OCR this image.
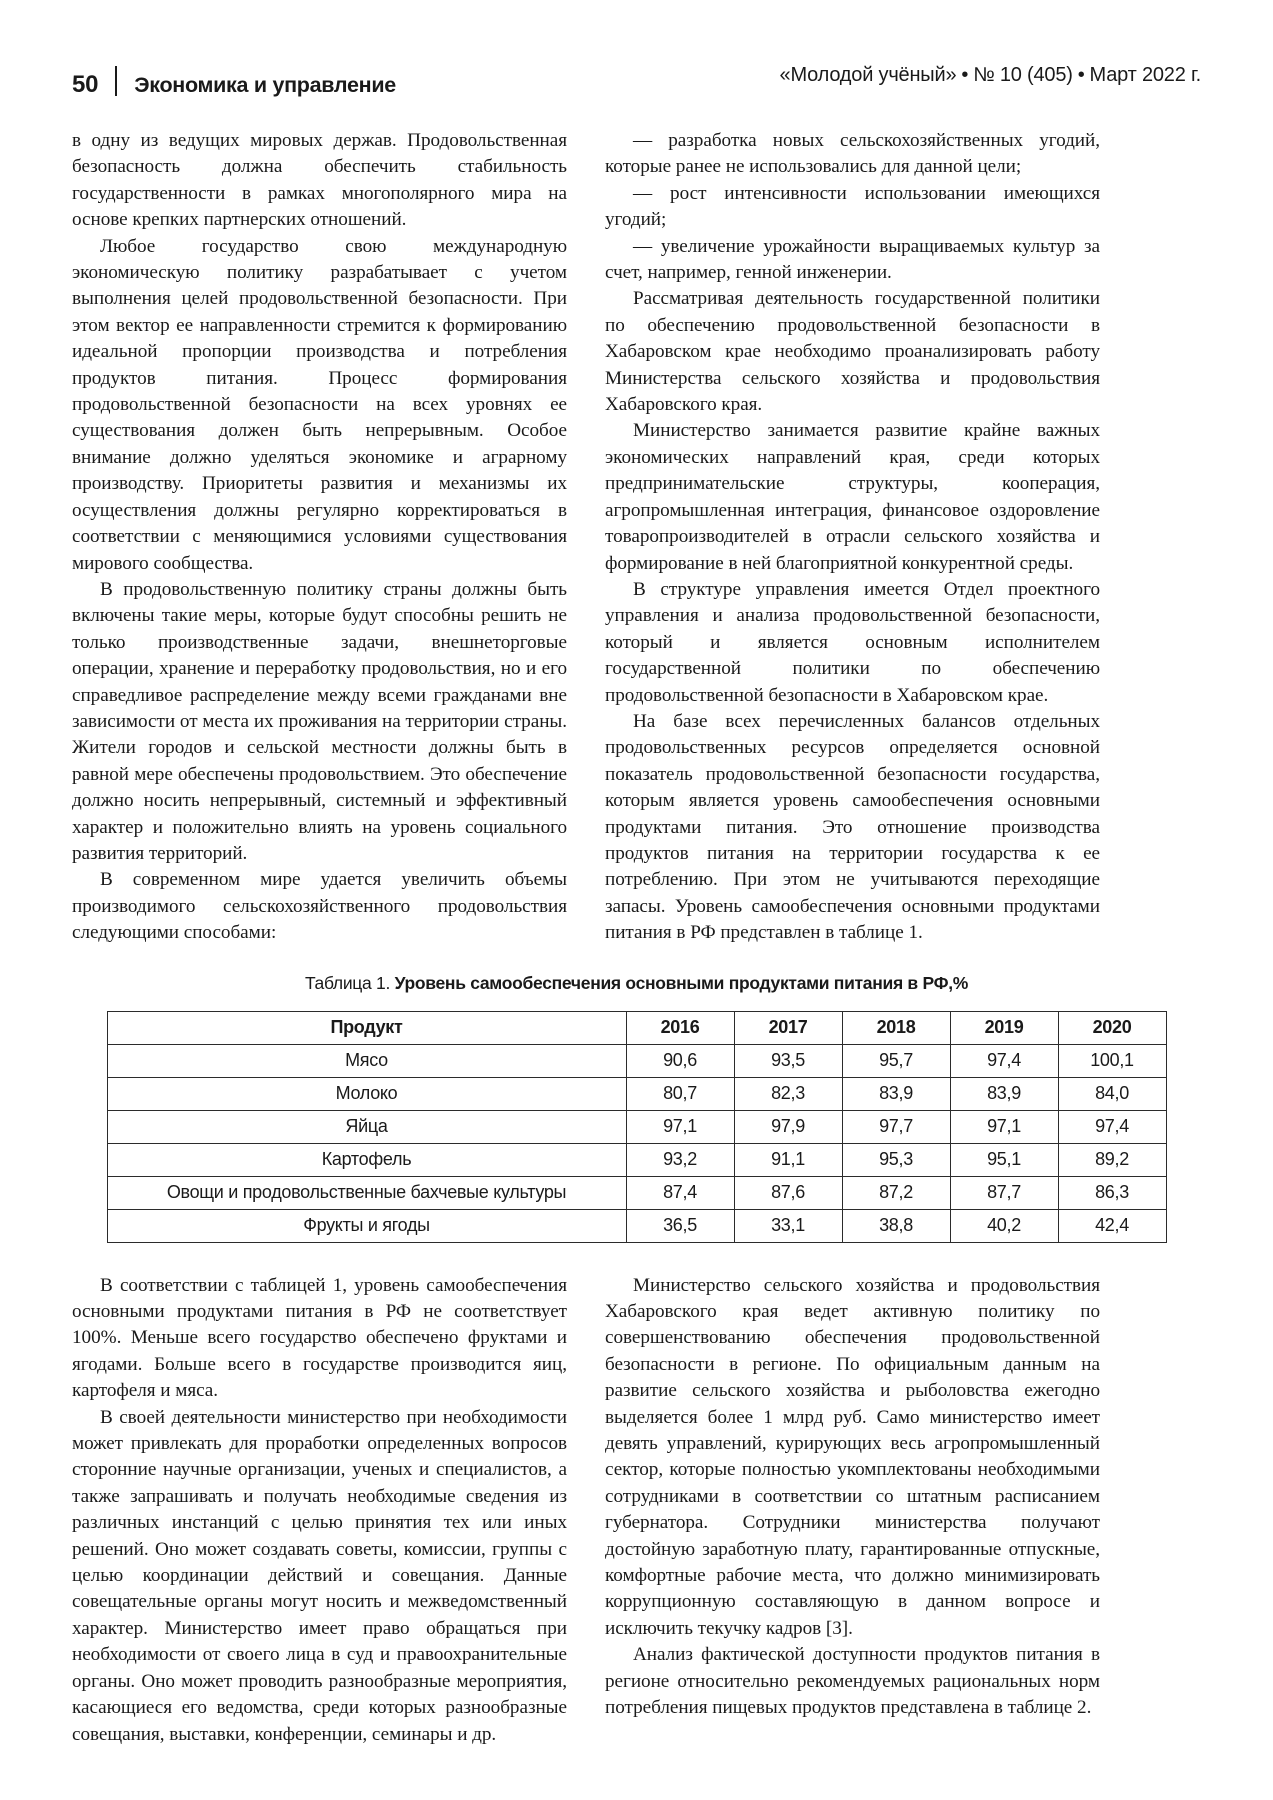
50 Экономика и управление	«Молодой учёный» • № 10 (405) • Март 2022 г.

в одну из ведущих мировых держав. Продовольственная безопасность должна обеспечить стабильность государственности в рамках многополярного мира на основе крепких партнерских отношений.

Любое государство свою международную экономическую политику разрабатывает с учетом выполнения целей продовольственной безопасности. При этом вектор ее направленности стремится к формированию идеальной пропорции производства и потребления продуктов питания. Процесс формирования продовольственной безопасности на всех уровнях ее существования должен быть непрерывным. Особое внимание должно уделяться экономике и аграрному производству. Приоритеты развития и механизмы их осуществления должны регулярно корректироваться в соответствии с меняющимися условиями существования мирового сообщества.

В продовольственную политику страны должны быть включены такие меры, которые будут способны решить не только производственные задачи, внешнеторговые операции, хранение и переработку продовольствия, но и его справедливое распределение между всеми гражданами вне зависимости от места их проживания на территории страны. Жители городов и сельской местности должны быть в равной мере обеспечены продовольствием. Это обеспечение должно носить непрерывный, системный и эффективный характер и положительно влиять на уровень социального развития территорий.

В современном мире удается увеличить объемы производимого сельскохозяйственного продовольствия следующими способами:

— разработка новых сельскохозяйственных угодий, которые ранее не использовались для данной цели;

— рост интенсивности использовании имеющихся угодий;

— увеличение урожайности выращиваемых культур за счет, например, генной инженерии.

Рассматривая деятельность государственной политики по обеспечению продовольственной безопасности в Хабаровском крае необходимо проанализировать работу Министерства сельского хозяйства и продовольствия Хабаровского края.

Министерство занимается развитие крайне важных экономических направлений края, среди которых предпринимательские структуры, кооперация, агропромышленная интеграция, финансовое оздоровление товаропроизводителей в отрасли сельского хозяйства и формирование в ней благоприятной конкурентной среды.

В структуре управления имеется Отдел проектного управления и анализа продовольственной безопасности, который и является основным исполнителем государственной политики по обеспечению продовольственной безопасности в Хабаровском крае.

На базе всех перечисленных балансов отдельных продовольственных ресурсов определяется основной показатель продовольственной безопасности государства, которым является уровень самообеспечения основными продуктами питания. Это отношение производства продуктов питания на территории государства к ее потреблению. При этом не учитываются переходящие запасы. Уровень самообеспечения основными продуктами питания в РФ представлен в таблице 1.

Таблица 1. Уровень самообеспечения основными продуктами питания в РФ,%
Продукт	2016	2017	2018	2019	2020
Мясо	90,6	93,5	95,7	97,4	100,1
Молоко	80,7	82,3	83,9	83,9	84,0
Яйца	97,1	97,9	97,7	97,1	97,4
Картофель	93,2	91,1	95,3	95,1	89,2
Овощи и продовольственные бахчевые культуры	87,4	87,6	87,2	87,7	86,3
Фрукты и ягоды	36,5	33,1	38,8	40,2	42,4

В соответствии с таблицей 1, уровень самообеспечения основными продуктами питания в РФ не соответствует 100%. Меньше всего государство обеспечено фруктами и ягодами. Больше всего в государстве производится яиц, картофеля и мяса.

В своей деятельности министерство при необходимости может привлекать для проработки определенных вопросов сторонние научные организации, ученых и специалистов, а также запрашивать и получать необходимые сведения из различных инстанций с целью принятия тех или иных решений. Оно может создавать советы, комиссии, группы с целью координации действий и совещания. Данные совещательные органы могут носить и межведомственный характер. Министерство имеет право обращаться при необходимости от своего лица в суд и правоохранительные органы. Оно может проводить разнообразные мероприятия, касающиеся его ведомства, среди которых разнообразные совещания, выставки, конференции, семинары и др.

Министерство сельского хозяйства и продовольствия Хабаровского края ведет активную политику по совершенствованию обеспечения продовольственной безопасности в регионе. По официальным данным на развитие сельского хозяйства и рыболовства ежегодно выделяется более 1 млрд руб. Само министерство имеет девять управлений, курирующих весь агропромышленный сектор, которые полностью укомплектованы необходимыми сотрудниками в соответствии со штатным расписанием губернатора. Сотрудники министерства получают достойную заработную плату, гарантированные отпускные, комфортные рабочие места, что должно минимизировать коррупционную составляющую в данном вопросе и исключить текучку кадров [3].

Анализ фактической доступности продуктов питания в регионе относительно рекомендуемых рациональных норм потребления пищевых продуктов представлена в таблице 2.
